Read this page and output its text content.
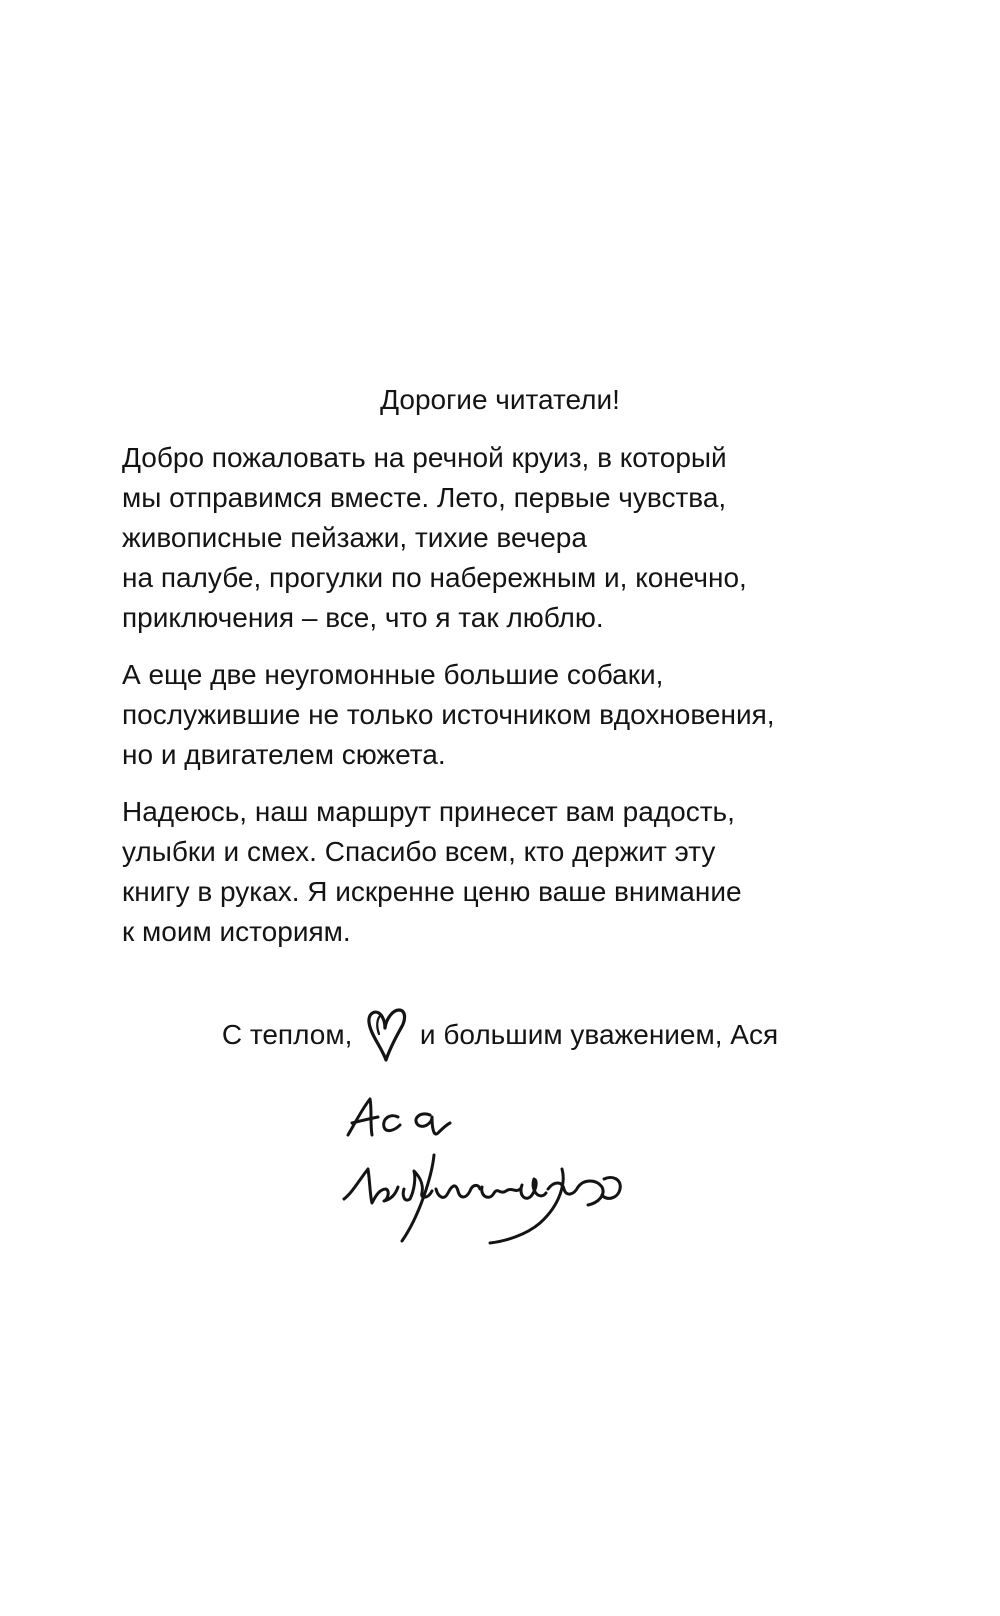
Дорогие читатели!

Добро пожаловать на речной круиз, в который
мы отправимся вместе. Лето, первые чувства,
живописные пейзажи, тихие вечера
на палубе, прогулки по набережным и, конечно,
приключения – все, что я так люблю.

А еще две неугомонные большие собаки,
послужившие не только источником вдохновения,
но и двигателем сюжета.

Надеюсь, наш маршрут принесет вам радость,
улыбки и смех. Спасибо всем, кто держит эту
книгу в руках. Я искренне ценю ваше внимание
к моим историям.

С теплом, и большим уважением, Ася
